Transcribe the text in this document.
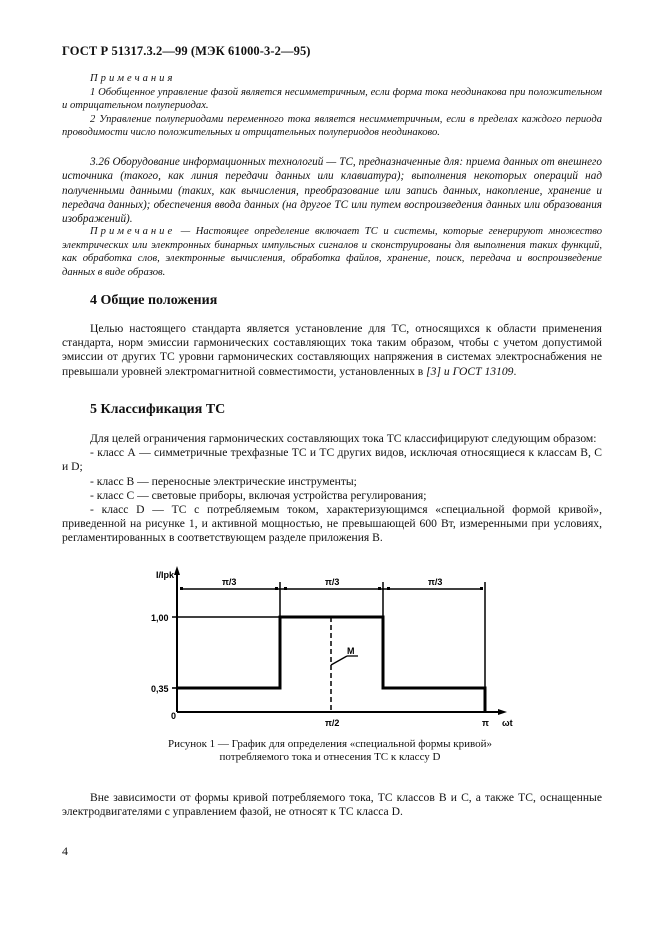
ГОСТ Р 51317.3.2—99 (МЭК 61000-3-2—95)

Примечания

1 Обобщенное управление фазой является несимметричным, если форма тока неодинакова при положительном и отрицательном полупериодах.

2 Управление полупериодами переменного тока является несимметричным, если в пределах каждого периода проводимости число положительных и отрицательных полупериодов неодинаково.

3.26 Оборудование информационных технологий — ТС, предназначенные для: приема данных от внешнего источника (такого, как линия передачи данных или клавиатура); выполнения некоторых операций над полученными данными (таких, как вычисления, преобразование или запись данных, накопление, хранение и передача данных); обеспечения ввода данных (на другое ТС или путем воспроизведения данных или образования изображений).

Примечание — Настоящее определение включает ТС и системы, которые генерируют множество электрических или электронных бинарных импульсных сигналов и сконструированы для выполнения таких функций, как обработка слов, электронные вычисления, обработка файлов, хранение, поиск, передача и воспроизведение данных в виде образов.

4 Общие положения

Целью настоящего стандарта является установление для ТС, относящихся к области применения стандарта, норм эмиссии гармонических составляющих тока таким образом, чтобы с учетом допустимой эмиссии от других ТС уровни гармонических составляющих напряжения в системах электроснабжения не превышали уровней электромагнитной совместимости, установленных в [3] и ГОСТ 13109.

5 Классификация ТС

Для целей ограничения гармонических составляющих тока ТС классифицируют следующим образом:

- класс А — симметричные трехфазные ТС и ТС других видов, исключая относящиеся к классам B, C и D;

- класс B — переносные электрические инструменты;

- класс C — световые приборы, включая устройства регулирования;

- класс D — ТС с потребляемым током, характеризующимся «специальной формой кривой», приведенной на рисунке 1, и активной мощностью, не превышающей 600 Вт, измеренными при условиях, регламентированных в соответствующем разделе приложения В.

M
I/Ipk
π/3	π/3	π/3
1,00
0,35
0
π/2	π ωt
Рисунок 1 — График для определения «специальной формы кривой»
потребляемого тока и отнесения ТС к классу D

Вне зависимости от формы кривой потребляемого тока, ТС классов B и C, а также ТС, оснащенные электродвигателями с управлением фазой, не относят к ТС класса D.

4
